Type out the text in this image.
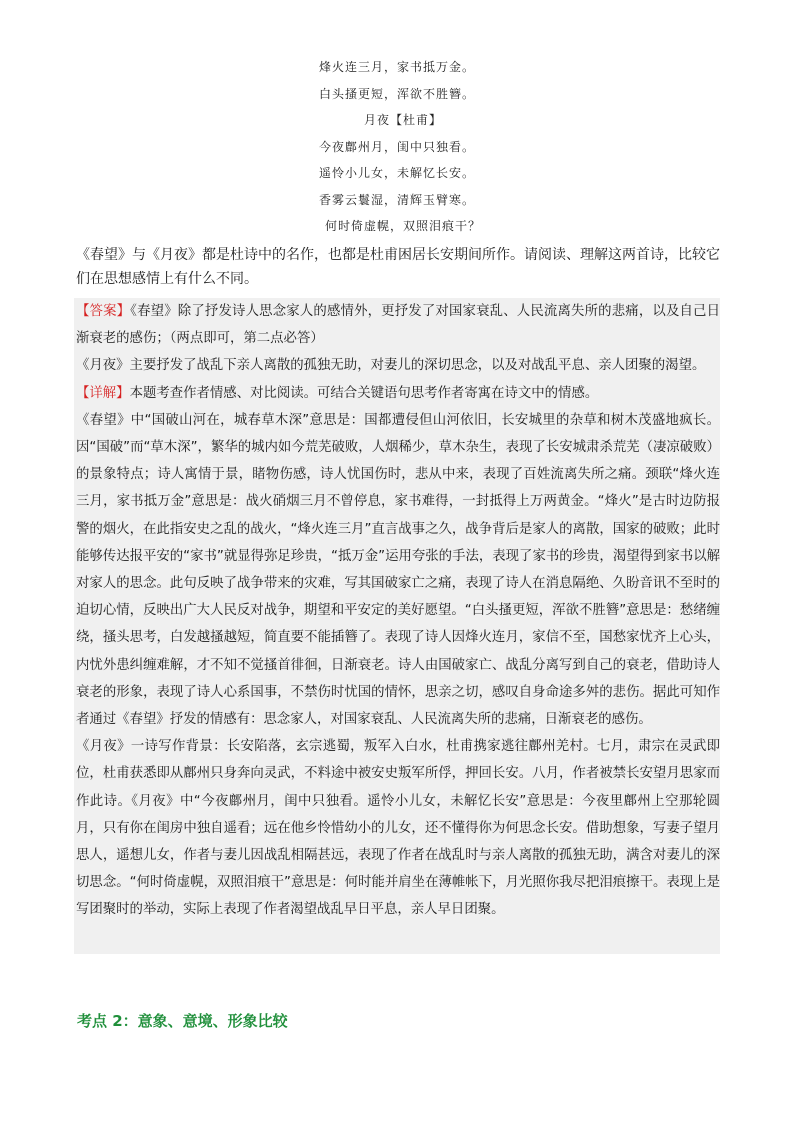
烽火连三月，家书抵万金。
白头搔更短，浑欲不胜簪。
月夜【杜甫】
今夜鄜州月，闺中只独看。
遥怜小儿女，未解忆长安。
香雾云鬟湿，清辉玉臂寒。
何时倚虚幌，双照泪痕干？
《春望》与《月夜》都是杜诗中的名作，也都是杜甫困居长安期间所作。请阅读、理解这两首诗，比较它们在思想感情上有什么不同。

【答案】《春望》除了抒发诗人思念家人的感情外，更抒发了对国家衰乱、人民流离失所的悲痛，以及自己日渐衰老的感伤；（两点即可，第二点必答）

《月夜》主要抒发了战乱下亲人离散的孤独无助，对妻儿的深切思念，以及对战乱平息、亲人团聚的渴望。

【详解】本题考查作者情感、对比阅读。可结合关键语句思考作者寄寓在诗文中的情感。

《春望》中“国破山河在，城春草木深”意思是：国都遭侵但山河依旧，长安城里的杂草和树木茂盛地疯长。因“国破”而“草木深”，繁华的城内如今荒芜破败，人烟稀少，草木杂生，表现了长安城肃杀荒芜（凄凉破败）的景象特点；诗人寓情于景，睹物伤感，诗人忧国伤时，悲从中来，表现了百姓流离失所之痛。颈联“烽火连三月，家书抵万金”意思是：战火硝烟三月不曾停息，家书难得，一封抵得上万两黄金。“烽火”是古时边防报警的烟火，在此指安史之乱的战火，“烽火连三月”直言战事之久，战争背后是家人的离散，国家的破败；此时能够传达报平安的“家书”就显得弥足珍贵，“抵万金”运用夸张的手法，表现了家书的珍贵，渴望得到家书以解对家人的思念。此句反映了战争带来的灾难，写其国破家亡之痛，表现了诗人在消息隔绝、久盼音讯不至时的迫切心情，反映出广大人民反对战争，期望和平安定的美好愿望。“白头搔更短，浑欲不胜簪”意思是：愁绪缠绕，搔头思考，白发越搔越短，简直要不能插簪了。表现了诗人因烽火连月，家信不至，国愁家忧齐上心头，内忧外患纠缠难解，才不知不觉搔首徘徊，日渐衰老。诗人由国破家亡、战乱分离写到自己的衰老，借助诗人衰老的形象，表现了诗人心系国事，不禁伤时忧国的情怀，思亲之切，感叹自身命途多舛的悲伤。据此可知作者通过《春望》抒发的情感有：思念家人，对国家衰乱、人民流离失所的悲痛，日渐衰老的感伤。

《月夜》一诗写作背景：长安陷落，玄宗逃蜀，叛军入白水，杜甫携家逃往鄜州羌村。七月，肃宗在灵武即位，杜甫获悉即从鄜州只身奔向灵武，不料途中被安史叛军所俘，押回长安。八月，作者被禁长安望月思家而作此诗。《月夜》中“今夜鄜州月，闺中只独看。遥怜小儿女，未解忆长安”意思是：今夜里鄜州上空那轮圆月，只有你在闺房中独自遥看；远在他乡怜惜幼小的儿女，还不懂得你为何思念长安。借助想象，写妻子望月思人，遥想儿女，作者与妻儿因战乱相隔甚远，表现了作者在战乱时与亲人离散的孤独无助，满含对妻儿的深切思念。“何时倚虚幌，双照泪痕干”意思是：何时能并肩坐在薄帷帐下，月光照你我尽把泪痕擦干。表现上是写团聚时的举动，实际上表现了作者渴望战乱早日平息，亲人早日团聚。

考点 2：意象、意境、形象比较
